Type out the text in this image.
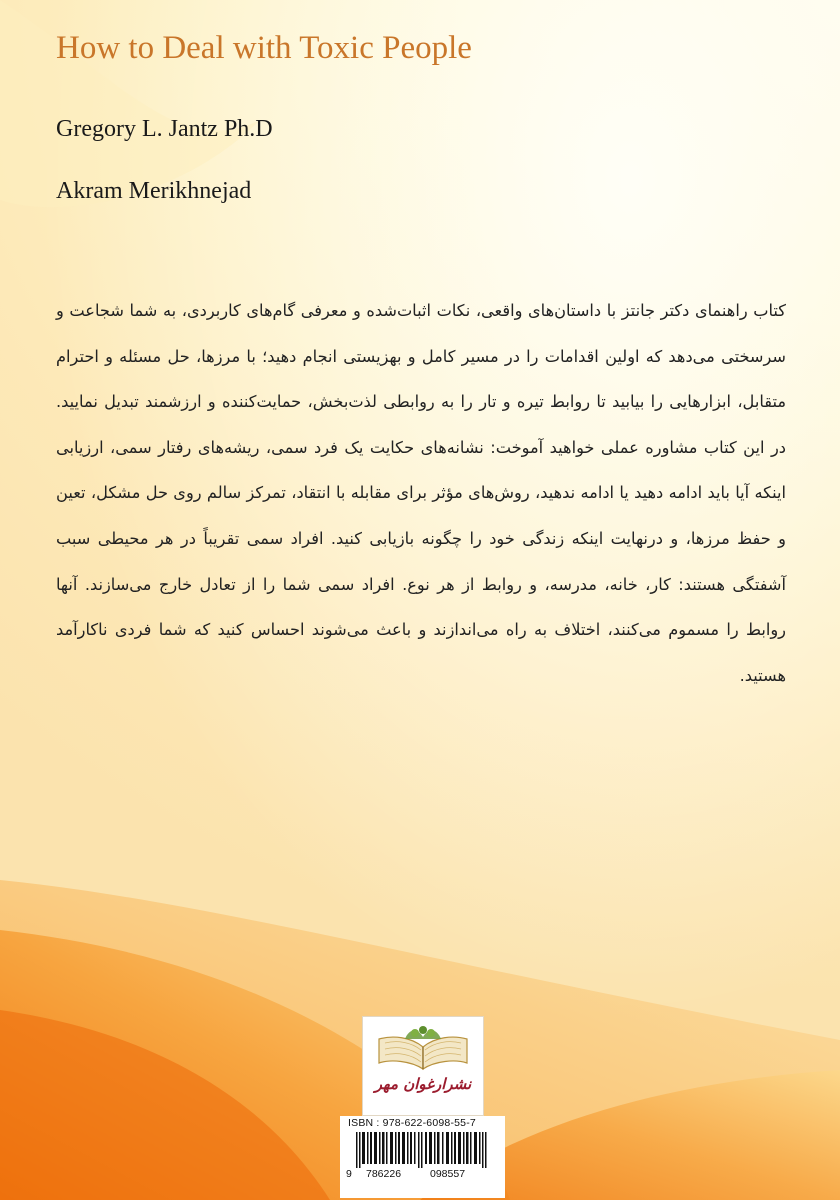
How to Deal with Toxic People
Gregory L. Jantz Ph.D
Akram Merikhnejad
کتاب راهنمای دکتر جانتز با داستان‌های واقعی، نکات اثبات‌شده و معرفی گام‌های کاربردی، به شما شجاعت و سرسختی می‌دهد که اولین اقدامات را در مسیر کامل و بهزیستی انجام دهید؛ با مرزها، حل مسئله و احترام متقابل، ابزارهایی را بیابید تا روابط تیره و تار را به روابطی لذت‌بخش، حمایت‌کننده و ارزشمند تبدیل نمایید. در این کتاب مشاوره عملی خواهید آموخت: نشانه‌های حکایت یک فرد سمی، ریشه‌های رفتار سمی، ارزیابی اینکه آیا باید ادامه دهید یا ادامه ندهید، روش‌های مؤثر برای مقابله با انتقاد، تمرکز سالم روی حل مشکل، تعین و حفظ مرزها، و درنهایت اینکه زندگی خود را چگونه بازیابی کنید. افراد سمی تقریباً در هر محیطی سبب آشفتگی هستند: کار، خانه، مدرسه، و روابط از هر نوع. افراد سمی شما را از تعادل خارج می‌سازند. آنها روابط را مسموم می‌کنند، اختلاف به راه می‌اندازند و باعث می‌شوند احساس کنید که شما فردی ناکارآمد هستید.
نشرارغوان مهر
ISBN : 978-622-6098-55-7
9 786226	098557
